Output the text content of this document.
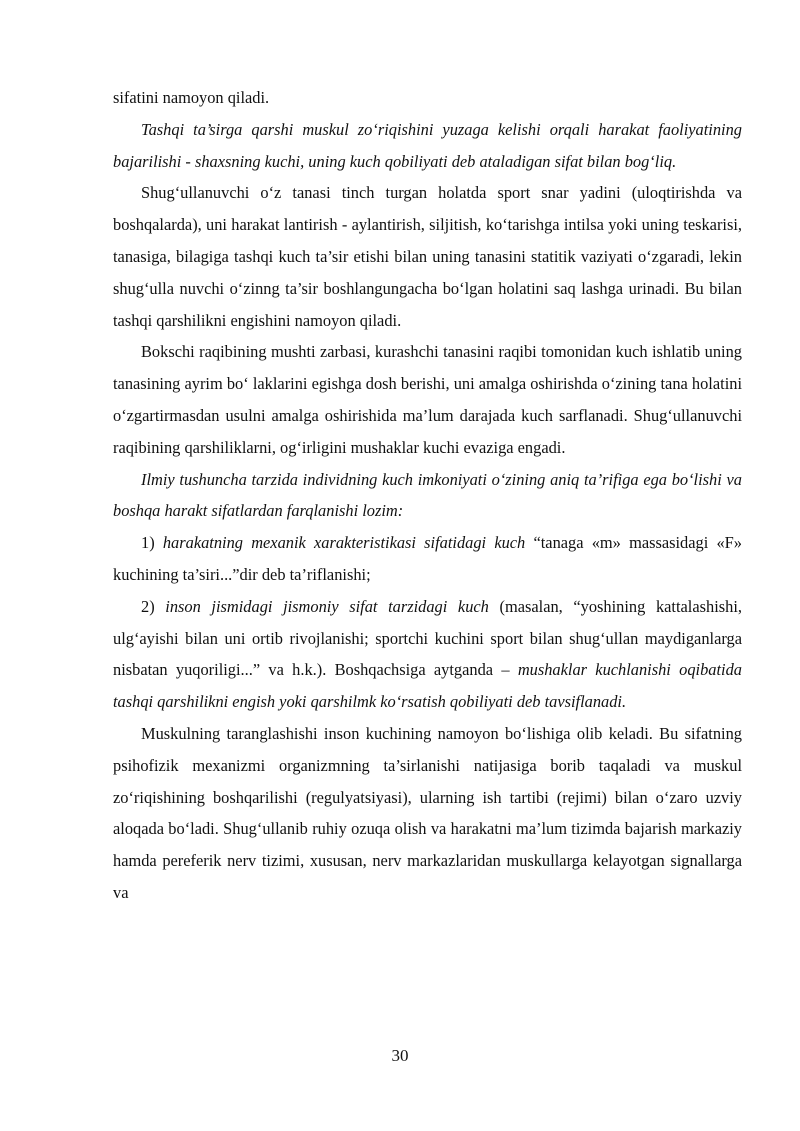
sifatini namoyon qiladi.

Tashqi ta’sirga qarshi muskul zo‘riqishini yuzaga kelishi orqali harakat faoliyatining bajarilishi - shaxsning kuchi, uning kuch qobiliyati deb ataladigan sifat bilan bog‘liq.

Shug‘ullanuvchi o‘z tanasi tinch turgan holatda sport snar yadini (uloqtirishda va boshqalarda), uni harakat lantirish - aylantirish, siljitish, ko‘tarishga intilsa yoki uning teskarisi, tanasiga, bilagiga tashqi kuch ta’sir etishi bilan uning tanasini statitik vaziyati o‘zgaradi, lekin shug‘ulla nuvchi o‘zinng ta’sir boshlangungacha bo‘lgan holatini saq lashga urinadi. Bu bilan tashqi qarshilikni engishini namoyon qiladi.

Bokschi raqibining mushti zarbasi, kurashchi tanasini raqibi tomonidan kuch ishlatib uning tanasining ayrim bo‘ laklarini egishga dosh berishi, uni amalga oshirishda o‘zining tana holatini o‘zgartirmasdan usulni amalga oshirishida ma’lum darajada kuch sarflanadi. Shug‘ullanuvchi raqibining qarshiliklarni, og‘irligini mushaklar kuchi evaziga engadi.

Ilmiy tushuncha tarzida individning kuch imkoniyati o‘zining aniq ta’rifiga ega bo‘lishi va boshqa harakt sifatlardan farqlanishi lozim:

1) harakatning mexanik xarakteristikasi sifatidagi kuch “tanaga «m» massasidagi «F» kuchining ta’siri...”dir deb ta’riflanishi;

2) inson jismidagi jismoniy sifat tarzidagi kuch (masalan, “yoshining kattalashishi, ulg‘ayishi bilan uni ortib rivojlanishi; sportchi kuchini sport bilan shug‘ullan maydiganlarga nisbatan yuqoriligi...” va h.k.). Boshqachsiga aytganda – mushaklar kuchlanishi oqibatida tashqi qarshilikni engish yoki qarshilmk ko‘rsatish qobiliyati deb tavsiflanadi.

Muskulning taranglashishi inson kuchining namoyon bo‘lishiga olib keladi. Bu sifatning psihofizik mexanizmi organizmning ta’sirlanishi natijasiga borib taqaladi va muskul zo‘riqishining boshqarilishi (regulyatsiyasi), ularning ish tartibi (rejimi) bilan o‘zaro uzviy aloqada bo‘ladi. Shug‘ullanib ruhiy ozuqa olish va harakatni ma’lum tizimda bajarish markaziy hamda pereferik nerv tizimi, xususan, nerv markazlaridan muskullarga kelayotgan signallarga va

30
